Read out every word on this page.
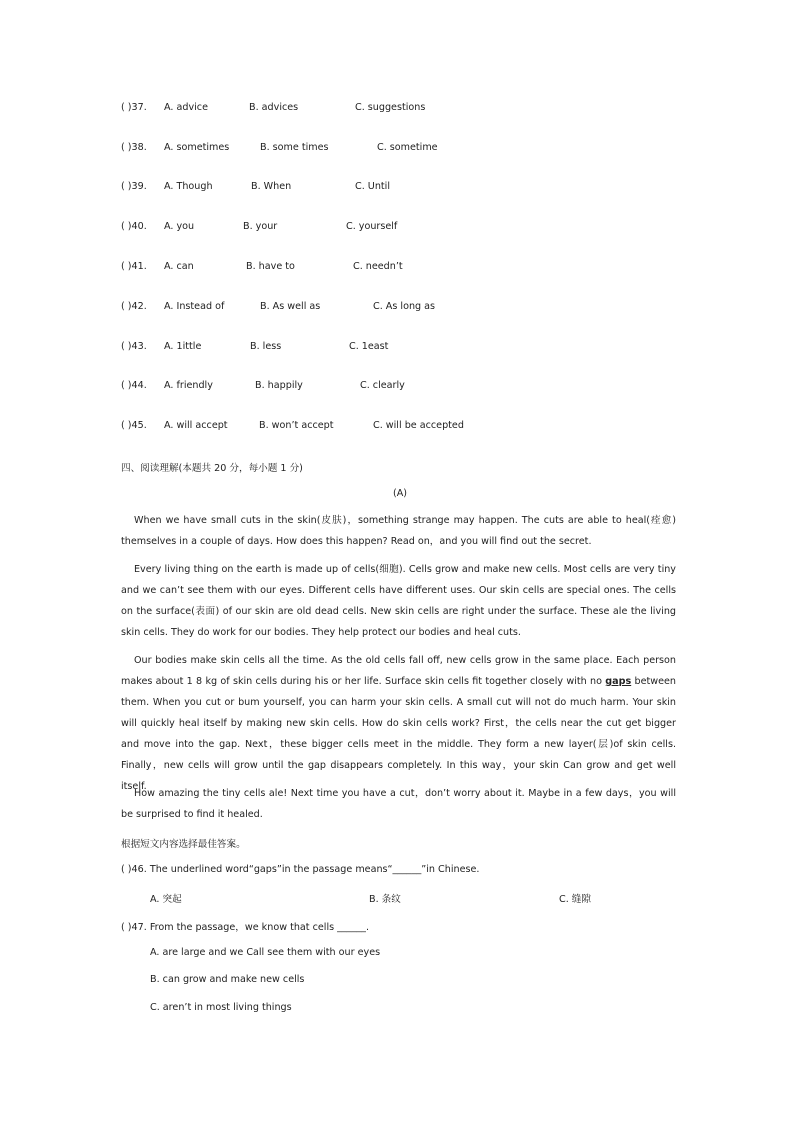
( )37. A. advice	B. advices	C. suggestions
( )38. A. sometimes	B. some times	C. sometime
( )39. A. Though	B. When	C. Until
( )40. A. you	B. your	C. yourself
( )41. A. can	B. have to	C. needn’t
( )42. A. Instead of	B. As well as	C. As long as
( )43. A. 1ittle	B. less	C. 1east
( )44. A. friendly	B. happily	C. clearly
( )45. A. will accept	B. won’t accept	C. will be accepted
四、阅读理解(本题共 20 分，每小题 1 分)
(A)

When we have small cuts in the skin(皮肤)，something strange may happen. The cuts are able to heal(痊愈) themselves in a couple of days. How does this happen? Read on，and you will find out the secret.

Every living thing on the earth is made up of cells(细胞). Cells grow and make new cells. Most cells are very tiny and we can’t see them with our eyes. Different cells have different uses. Our skin cells are special ones. The cells on the surface(表面) of our skin are old dead cells. New skin cells are right under the surface. These ale the living skin cells. They do work for our bodies. They help protect our bodies and heal cuts.

Our bodies make skin cells all the time. As the old cells fall off, new cells grow in the same place. Each person makes about 1 8 kg of skin cells during his or her life. Surface skin cells fit together closely with no gaps between them. When you cut or bum yourself, you can harm your skin cells. A small cut will not do much harm. Your skin will quickly heal itself by making new skin cells. How do skin cells work? First，the cells near the cut get bigger and move into the gap. Next，these bigger cells meet in the middle. They form a new layer(层)of skin cells. Finally，new cells will grow until the gap disappears completely. In this way，your skin Can grow and get well itself.

How amazing the tiny cells ale! Next time you have a cut，don’t worry about it. Maybe in a few days，you will be surprised to find it healed.

根据短文内容选择最佳答案。
( )46. The underlined word“gaps”in the passage means“______”in Chinese.
A. 突起	B. 条纹	C. 缝隙
( )47. From the passage，we know that cells ______.
A. are large and we Call see them with our eyes
B. can grow and make new cells
C. aren’t in most living things
